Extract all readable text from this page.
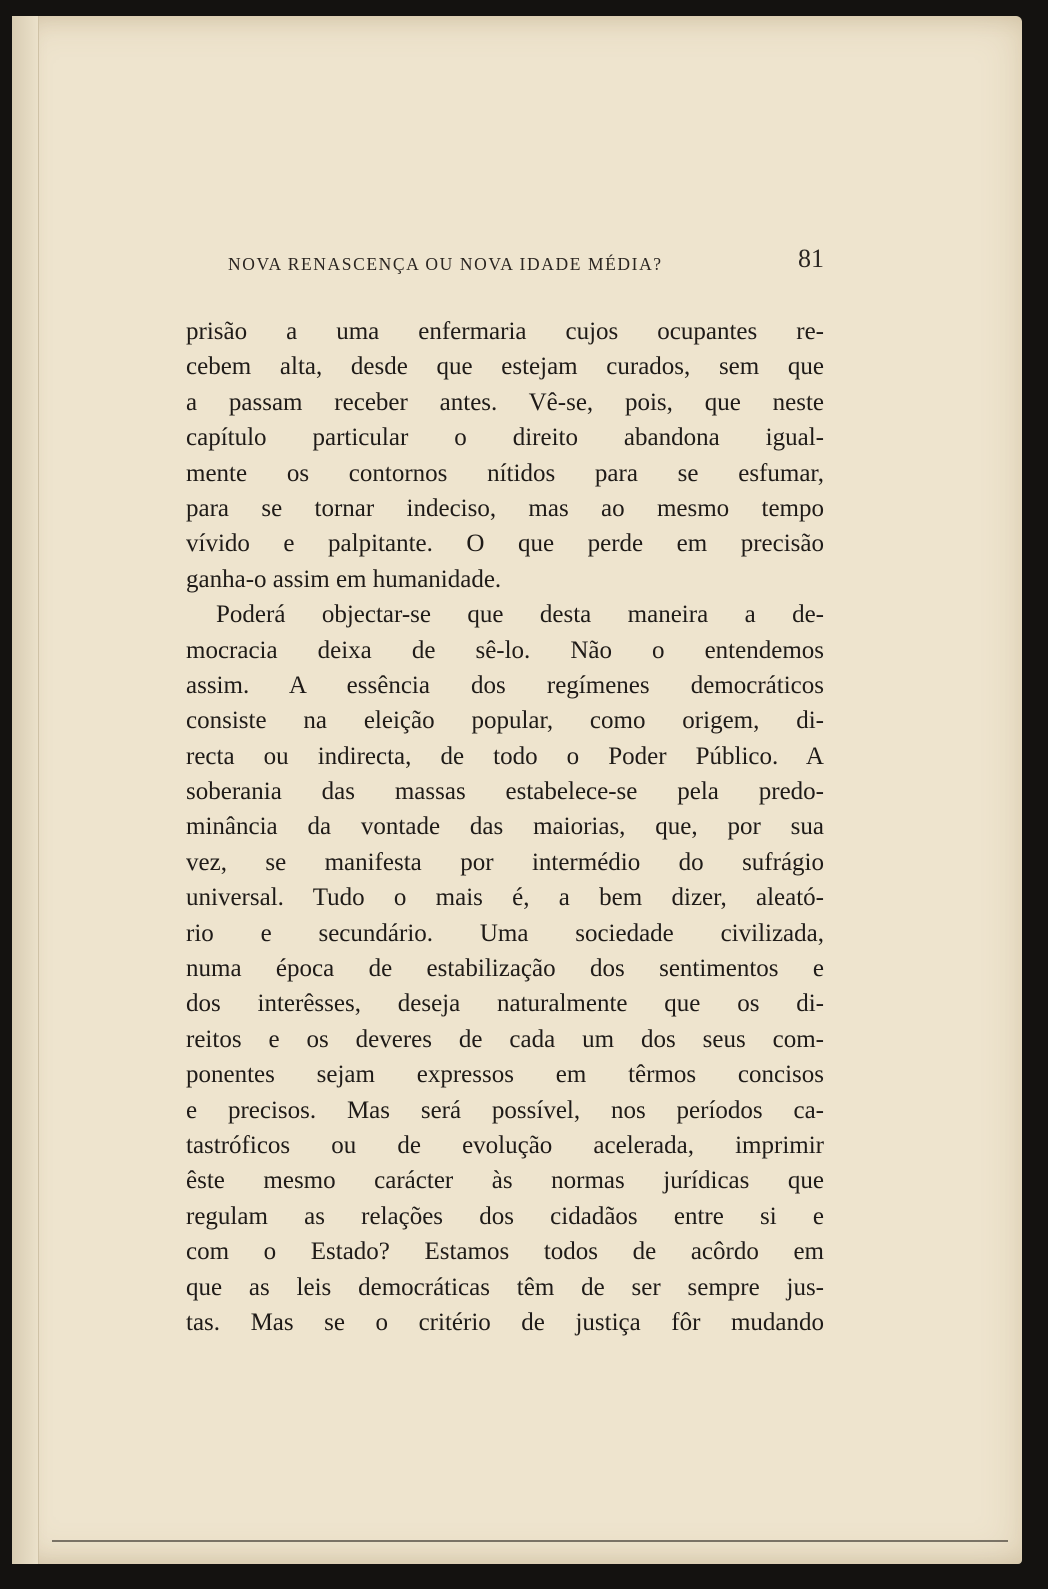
NOVA RENASCENÇA OU NOVA IDADE MÉDIA?	81
prisão a uma enfermaria cujos ocupantes re-
cebem alta, desde que estejam curados, sem que
a passam receber antes. Vê-se, pois, que neste
capítulo particular o direito abandona igual-
mente os contornos nítidos para se esfumar,
para se tornar indeciso, mas ao mesmo tempo
vívido e palpitante. O que perde em precisão
ganha-o assim em humanidade.
Poderá objectar-se que desta maneira a de-
mocracia deixa de sê-lo. Não o entendemos
assim. A essência dos regímenes democráticos
consiste na eleição popular, como origem, di-
recta ou indirecta, de todo o Poder Público. A
soberania das massas estabelece-se pela predo-
minância da vontade das maiorias, que, por sua
vez, se manifesta por intermédio do sufrágio
universal. Tudo o mais é, a bem dizer, aleató-
rio e secundário. Uma sociedade civilizada,
numa época de estabilização dos sentimentos e
dos interêsses, deseja naturalmente que os di-
reitos e os deveres de cada um dos seus com-
ponentes sejam expressos em têrmos concisos
e precisos. Mas será possível, nos períodos ca-
tastróficos ou de evolução acelerada, imprimir
êste mesmo carácter às normas jurídicas que
regulam as relações dos cidadãos entre si e
com o Estado? Estamos todos de acôrdo em
que as leis democráticas têm de ser sempre jus-
tas. Mas se o critério de justiça fôr mudando
